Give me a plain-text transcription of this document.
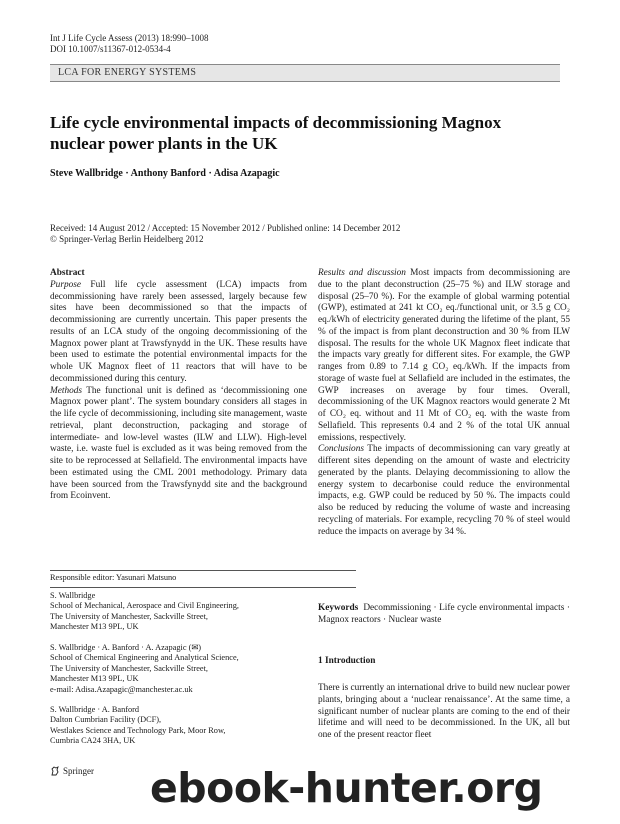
Int J Life Cycle Assess (2013) 18:990–1008
DOI 10.1007/s11367-012-0534-4
LCA FOR ENERGY SYSTEMS
Life cycle environmental impacts of decommissioning Magnox nuclear power plants in the UK
Steve Wallbridge · Anthony Banford · Adisa Azapagic
Received: 14 August 2012 / Accepted: 15 November 2012 / Published online: 14 December 2012
© Springer-Verlag Berlin Heidelberg 2012

Abstract

Purpose Full life cycle assessment (LCA) impacts from decommissioning have rarely been assessed, largely because few sites have been decommissioned so that the impacts of decommissioning are currently uncertain. This paper presents the results of an LCA study of the ongoing decommissioning of the Magnox power plant at Trawsfynydd in the UK. These results have been used to estimate the potential environmental impacts for the whole UK Magnox fleet of 11 reactors that will have to be decommissioned during this century.

Methods The functional unit is defined as ‘decommissioning one Magnox power plant’. The system boundary considers all stages in the life cycle of decommissioning, including site management, waste retrieval, plant deconstruction, packaging and storage of intermediate- and low-level wastes (ILW and LLW). High-level waste, i.e. waste fuel is excluded as it was being removed from the site to be reprocessed at Sellafield. The environmental impacts have been estimated using the CML 2001 methodology. Primary data have been sourced from the Trawsfynydd site and the background from Ecoinvent.

Results and discussion Most impacts from decommissioning are due to the plant deconstruction (25–75 %) and ILW storage and disposal (25–70 %). For the example of global warming potential (GWP), estimated at 241 kt CO₂ eq./functional unit, or 3.5 g CO₂ eq./kWh of electricity generated during the lifetime of the plant, 55 % of the impact is from plant deconstruction and 30 % from ILW disposal. The results for the whole UK Magnox fleet indicate that the impacts vary greatly for different sites. For example, the GWP ranges from 0.89 to 7.14 g CO₂ eq./kWh. If the impacts from storage of waste fuel at Sellafield are included in the estimates, the GWP increases on average by four times. Overall, decommissioning of the UK Magnox reactors would generate 2 Mt of CO₂ eq. without and 11 Mt of CO₂ eq. with the waste from Sellafield. This represents 0.4 and 2 % of the total UK annual emissions, respectively.

Conclusions The impacts of decommissioning can vary greatly at different sites depending on the amount of waste and electricity generated by the plants. Delaying decommissioning to allow the energy system to decarbonise could reduce the environmental impacts, e.g. GWP could be reduced by 50 %. The impacts could also be reduced by reducing the volume of waste and increasing recycling of materials. For example, recycling 70 % of steel would reduce the impacts on average by 34 %.

Keywords Decommissioning · Life cycle environmental impacts · Magnox reactors · Nuclear waste
1 Introduction
There is currently an international drive to build new nuclear power plants, bringing about a ‘nuclear renaissance’. At the same time, a significant number of nuclear plants are coming to the end of their lifetime and will need to be decommissioned. In the UK, all but one of the present reactor fleet
Responsible editor: Yasunari Matsuno
S. Wallbridge
School of Mechanical, Aerospace and Civil Engineering,
The University of Manchester, Sackville Street,
Manchester M13 9PL, UK
S. Wallbridge · A. Banford · A. Azapagic (✉)
School of Chemical Engineering and Analytical Science,
The University of Manchester, Sackville Street,
Manchester M13 9PL, UK
e-mail: Adisa.Azapagic@manchester.ac.uk
S. Wallbridge · A. Banford
Dalton Cumbrian Facility (DCF),
Westlakes Science and Technology Park, Moor Row,
Cumbria CA24 3HA, UK
Springer ebook-hunter.org
